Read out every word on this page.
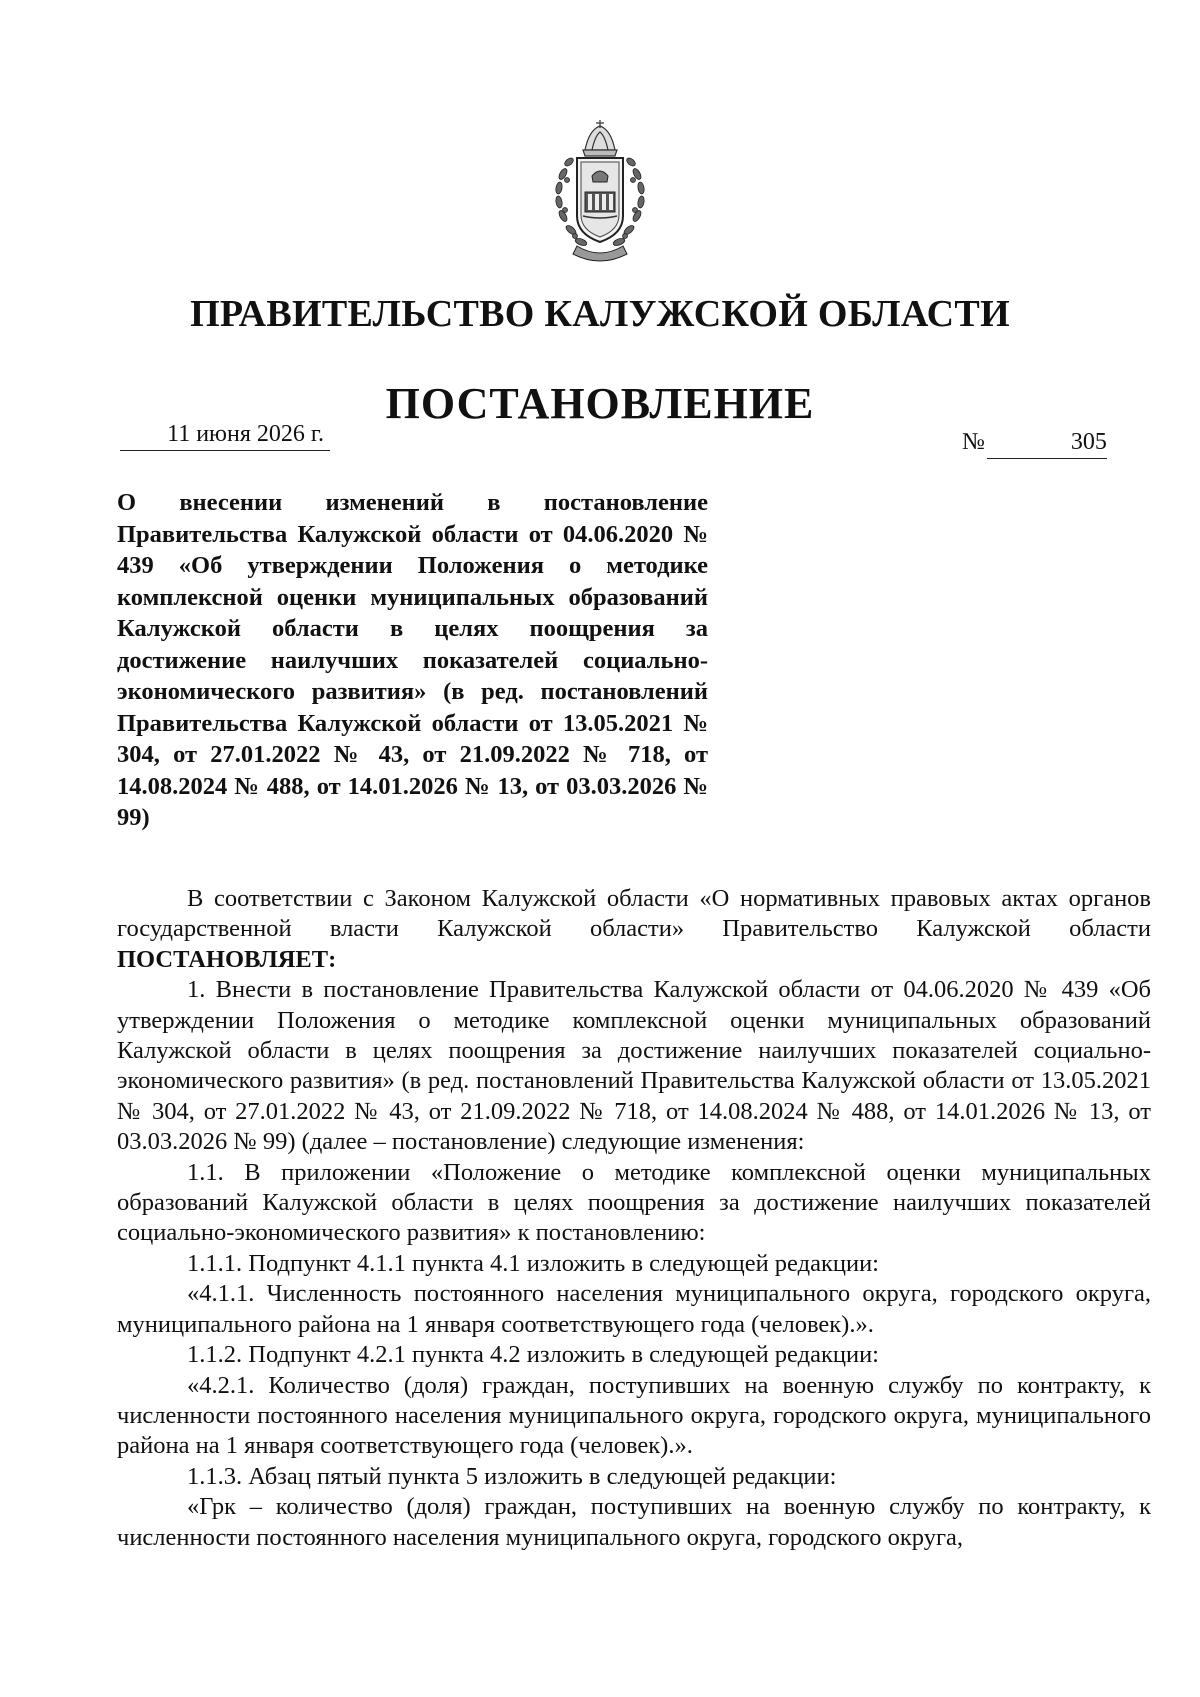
ПРАВИТЕЛЬСТВО КАЛУЖСКОЙ ОБЛАСТИ
ПОСТАНОВЛЕНИЕ
11 июня 2026 г.	№	305
О внесении изменений в постановление Правительства Калужской области от 04.06.2020 № 439 «Об утверждении Положения о методике комплексной оценки муниципальных образований Калужской области в целях поощрения за достижение наилучших показателей социально-экономического развития» (в ред. постановлений Правительства Калужской области от 13.05.2021 № 304, от 27.01.2022 № 43, от 21.09.2022 № 718, от 14.08.2024 № 488, от 14.01.2026 № 13, от 03.03.2026 № 99)

В соответствии с Законом Калужской области «О нормативных правовых актах органов государственной власти Калужской области» Правительство Калужской области ПОСТАНОВЛЯЕТ:

1. Внести в постановление Правительства Калужской области от 04.06.2020 № 439 «Об утверждении Положения о методике комплексной оценки муниципальных образований Калужской области в целях поощрения за достижение наилучших показателей социально-экономического развития» (в ред. постановлений Правительства Калужской области от 13.05.2021 № 304, от 27.01.2022 № 43, от 21.09.2022 № 718, от 14.08.2024 № 488, от 14.01.2026 № 13, от 03.03.2026 № 99) (далее – постановление) следующие изменения:

1.1. В приложении «Положение о методике комплексной оценки муниципальных образований Калужской области в целях поощрения за достижение наилучших показателей социально-экономического развития» к постановлению:

1.1.1. Подпункт 4.1.1 пункта 4.1 изложить в следующей редакции:

«4.1.1. Численность постоянного населения муниципального округа, городского округа, муниципального района на 1 января соответствующего года (человек).».

1.1.2. Подпункт 4.2.1 пункта 4.2 изложить в следующей редакции:

«4.2.1. Количество (доля) граждан, поступивших на военную службу по контракту, к численности постоянного населения муниципального округа, городского округа, муниципального района на 1 января соответствующего года (человек).».

1.1.3. Абзац пятый пункта 5 изложить в следующей редакции:

«Грк – количество (доля) граждан, поступивших на военную службу по контракту, к численности постоянного населения муниципального округа, городского округа,
